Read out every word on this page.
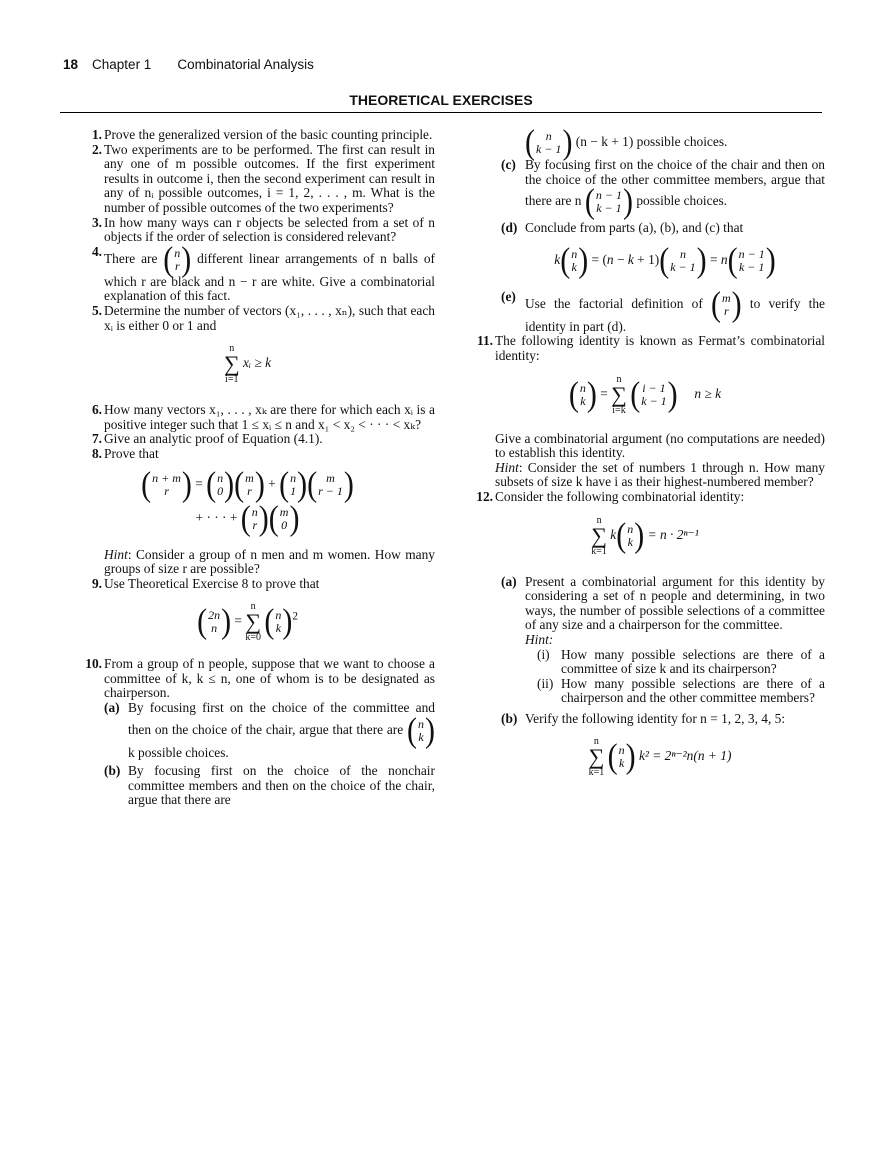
18 Chapter 1 Combinatorial Analysis
THEORETICAL EXERCISES
1. Prove the generalized version of the basic counting principle.
2. Two experiments are to be performed. The first can result in any one of m possible outcomes. If the first experiment results in outcome i, then the second experiment can result in any of nᵢ possible outcomes, i = 1, 2, . . . , m. What is the number of possible outcomes of the two experiments?
3. In how many ways can r objects be selected from a set of n objects if the order of selection is considered relevant?
4. There are ( n
r ) different linear arrangements of n balls of which r are black and n − r are white. Give a combinatorial explanation of this fact.
5. Determine the number of vectors (x₁, . . . , xₙ), such that each xᵢ is either 0 or 1 and
n
∑
i=1
xᵢ ≥ k
6. How many vectors x₁, . . . , xₖ are there for which each xᵢ is a positive integer such that 1 ≤ xᵢ ≤ n and x₁ < x₂ < · · · < xₖ?
7. Give an analytic proof of Equation (4.1).
8. Prove that
( n + m
r ) = ( n
0 ) ( m
r ) + ( n
1 ) ( m
r − 1 )
+ · · · + ( n
r ) ( m
0 )
Hint: Consider a group of n men and m women. How many groups of size r are possible?
9. Use Theoretical Exercise 8 to prove that
( 2n
n ) =
n
∑
k=0
( n
k ) $^2$
10. From a group of n people, suppose that we want to choose a committee of k, k ≤ n, one of whom is to be designated as chairperson.
(a) By focusing first on the choice of the committee and then on the choice of the chair, argue that there are ( n
k )
k possible choices.
(b) By focusing first on the choice of the nonchair committee members and then on the choice of the chair, argue that there are
( n
k − 1 ) (n − k + 1) possible choices.
(c) By focusing first on the choice of the chair and then on the choice of the other committee members, argue that there are n ( n − 1
k − 1 ) possible choices.
(d) Conclude from parts (a), (b), and (c) that
k ( n
k ) = (n − k + 1) ( n
k − 1 ) = n ( n − 1
k − 1 )
(e) Use the factorial definition of ( m
r ) to verify the identity in part (d).
11. The following identity is known as Fermat’s combinatorial identity:
( n
k ) =
n
∑
i=k
( i − 1
k − 1 ) n ≥ k
Give a combinatorial argument (no computations are needed) to establish this identity.
Hint: Consider the set of numbers 1 through n. How many subsets of size k have i as their highest-numbered member?
12. Consider the following combinatorial identity:
n
∑
k=1
k ( n
k ) = n · 2ⁿ⁻¹
(a) Present a combinatorial argument for this identity by considering a set of n people and determining, in two ways, the number of possible selections of a committee of any size and a chairperson for the committee.
Hint:
(i) How many possible selections are there of a committee of size k and its chairperson?
(ii) How many possible selections are there of a chairperson and the other committee members?
(b) Verify the following identity for n = 1, 2, 3, 4, 5:
n
∑
k=1
( n
k ) k² = 2ⁿ⁻²n(n + 1)
